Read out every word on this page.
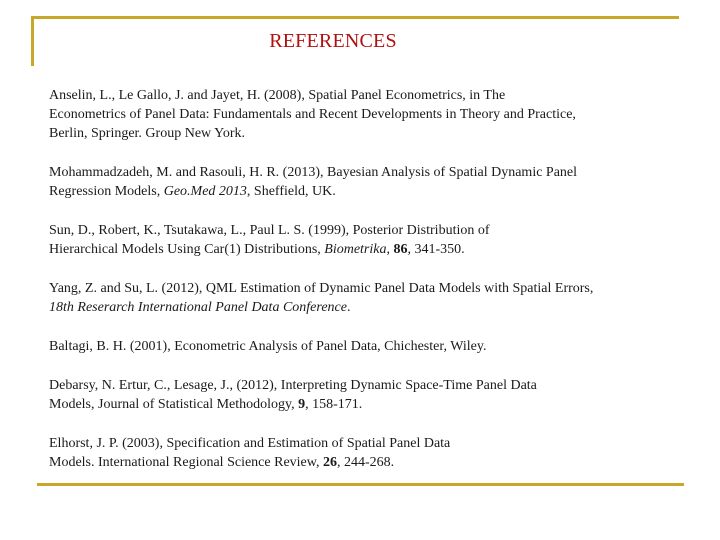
REFERENCES
Anselin, L., Le Gallo, J. and Jayet, H. (2008), Spatial Panel Econometrics, in The
Econometrics of Panel Data: Fundamentals and Recent Developments in Theory and Practice,
Berlin, Springer. Group New York.
Mohammadzadeh, M. and Rasouli, H. R. (2013), Bayesian Analysis of Spatial Dynamic Panel
Regression Models, Geo.Med 2013, Sheffield, UK.
Sun, D., Robert, K., Tsutakawa, L., Paul L. S. (1999), Posterior Distribution of
Hierarchical Models Using Car(1) Distributions, Biometrika, 86, 341-350.
Yang, Z. and Su, L. (2012), QML Estimation of Dynamic Panel Data Models with Spatial Errors,
18th Reserarch International Panel Data Conference.
Baltagi, B. H. (2001), Econometric Analysis of Panel Data, Chichester, Wiley.
Debarsy, N. Ertur, C., Lesage, J., (2012), Interpreting Dynamic Space-Time Panel Data
Models, Journal of Statistical Methodology, 9, 158-171.
Elhorst, J. P. (2003), Specification and Estimation of Spatial Panel Data
Models. International Regional Science Review, 26, 244-268.
